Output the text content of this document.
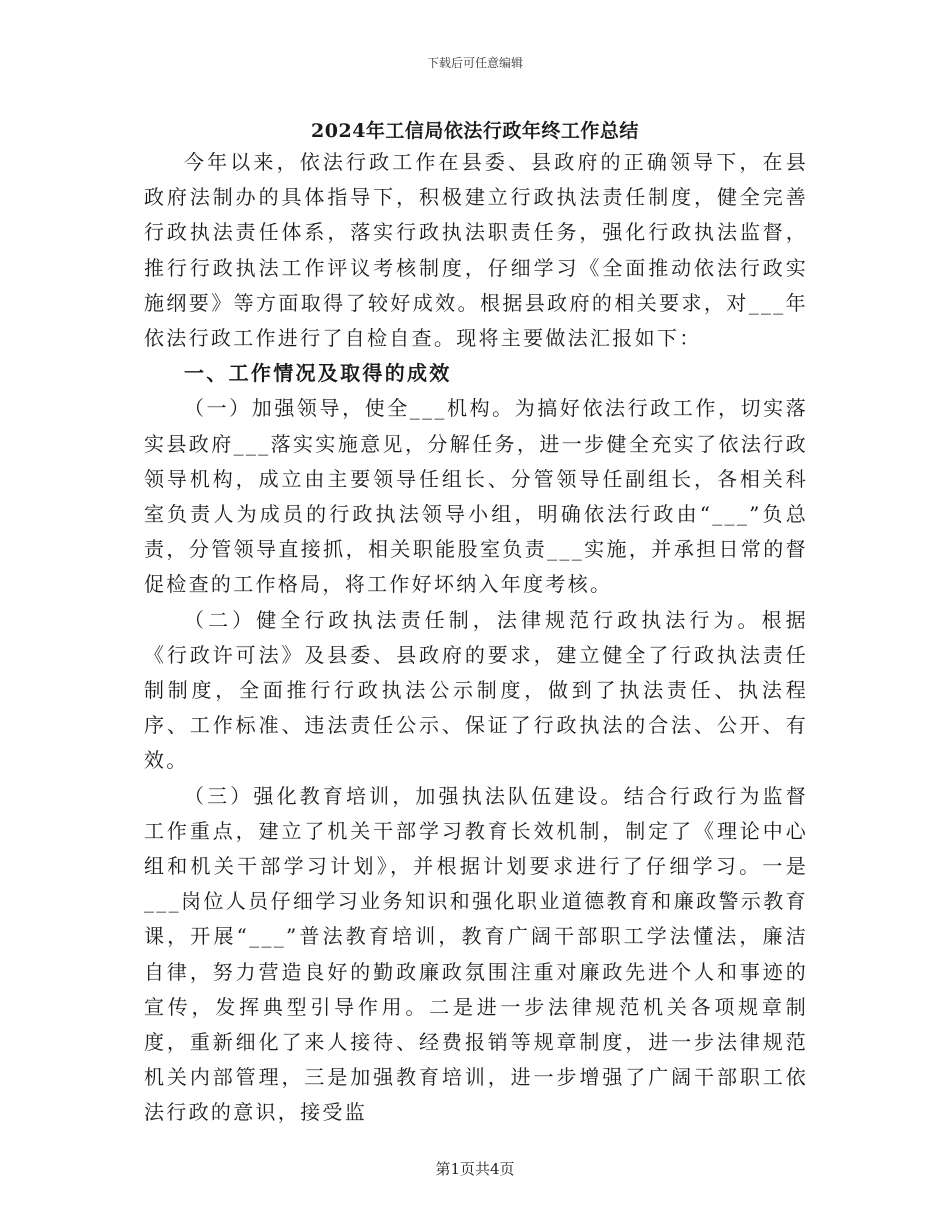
下载后可任意编辑
2024年工信局依法行政年终工作总结

今年以来，依法行政工作在县委、县政府的正确领导下，在县政府法制办的具体指导下，积极建立行政执法责任制度，健全完善行政执法责任体系，落实行政执法职责任务，强化行政执法监督，推行行政执法工作评议考核制度，仔细学习《全面推动依法行政实施纲要》等方面取得了较好成效。根据县政府的相关要求，对___年依法行政工作进行了自检自查。现将主要做法汇报如下：

一、工作情况及取得的成效

（一）加强领导，使全___机构。为搞好依法行政工作，切实落实县政府___落实实施意见，分解任务，进一步健全充实了依法行政领导机构，成立由主要领导任组长、分管领导任副组长，各相关科室负责人为成员的行政执法领导小组，明确依法行政由“___”负总责，分管领导直接抓，相关职能股室负责___实施，并承担日常的督促检查的工作格局，将工作好坏纳入年度考核。

（二）健全行政执法责任制，法律规范行政执法行为。根据《行政许可法》及县委、县政府的要求，建立健全了行政执法责任制制度，全面推行行政执法公示制度，做到了执法责任、执法程序、工作标准、违法责任公示、保证了行政执法的合法、公开、有效。

（三）强化教育培训，加强执法队伍建设。结合行政行为监督工作重点，建立了机关干部学习教育长效机制，制定了《理论中心组和机关干部学习计划》，并根据计划要求进行了仔细学习。一是___岗位人员仔细学习业务知识和强化职业道德教育和廉政警示教育课，开展“___”普法教育培训，教育广阔干部职工学法懂法，廉洁自律，努力营造良好的勤政廉政氛围注重对廉政先进个人和事迹的宣传，发挥典型引导作用。二是进一步法律规范机关各项规章制度，重新细化了来人接待、经费报销等规章制度，进一步法律规范机关内部管理，三是加强教育培训，进一步增强了广阔干部职工依法行政的意识，接受监

第1页共4页
